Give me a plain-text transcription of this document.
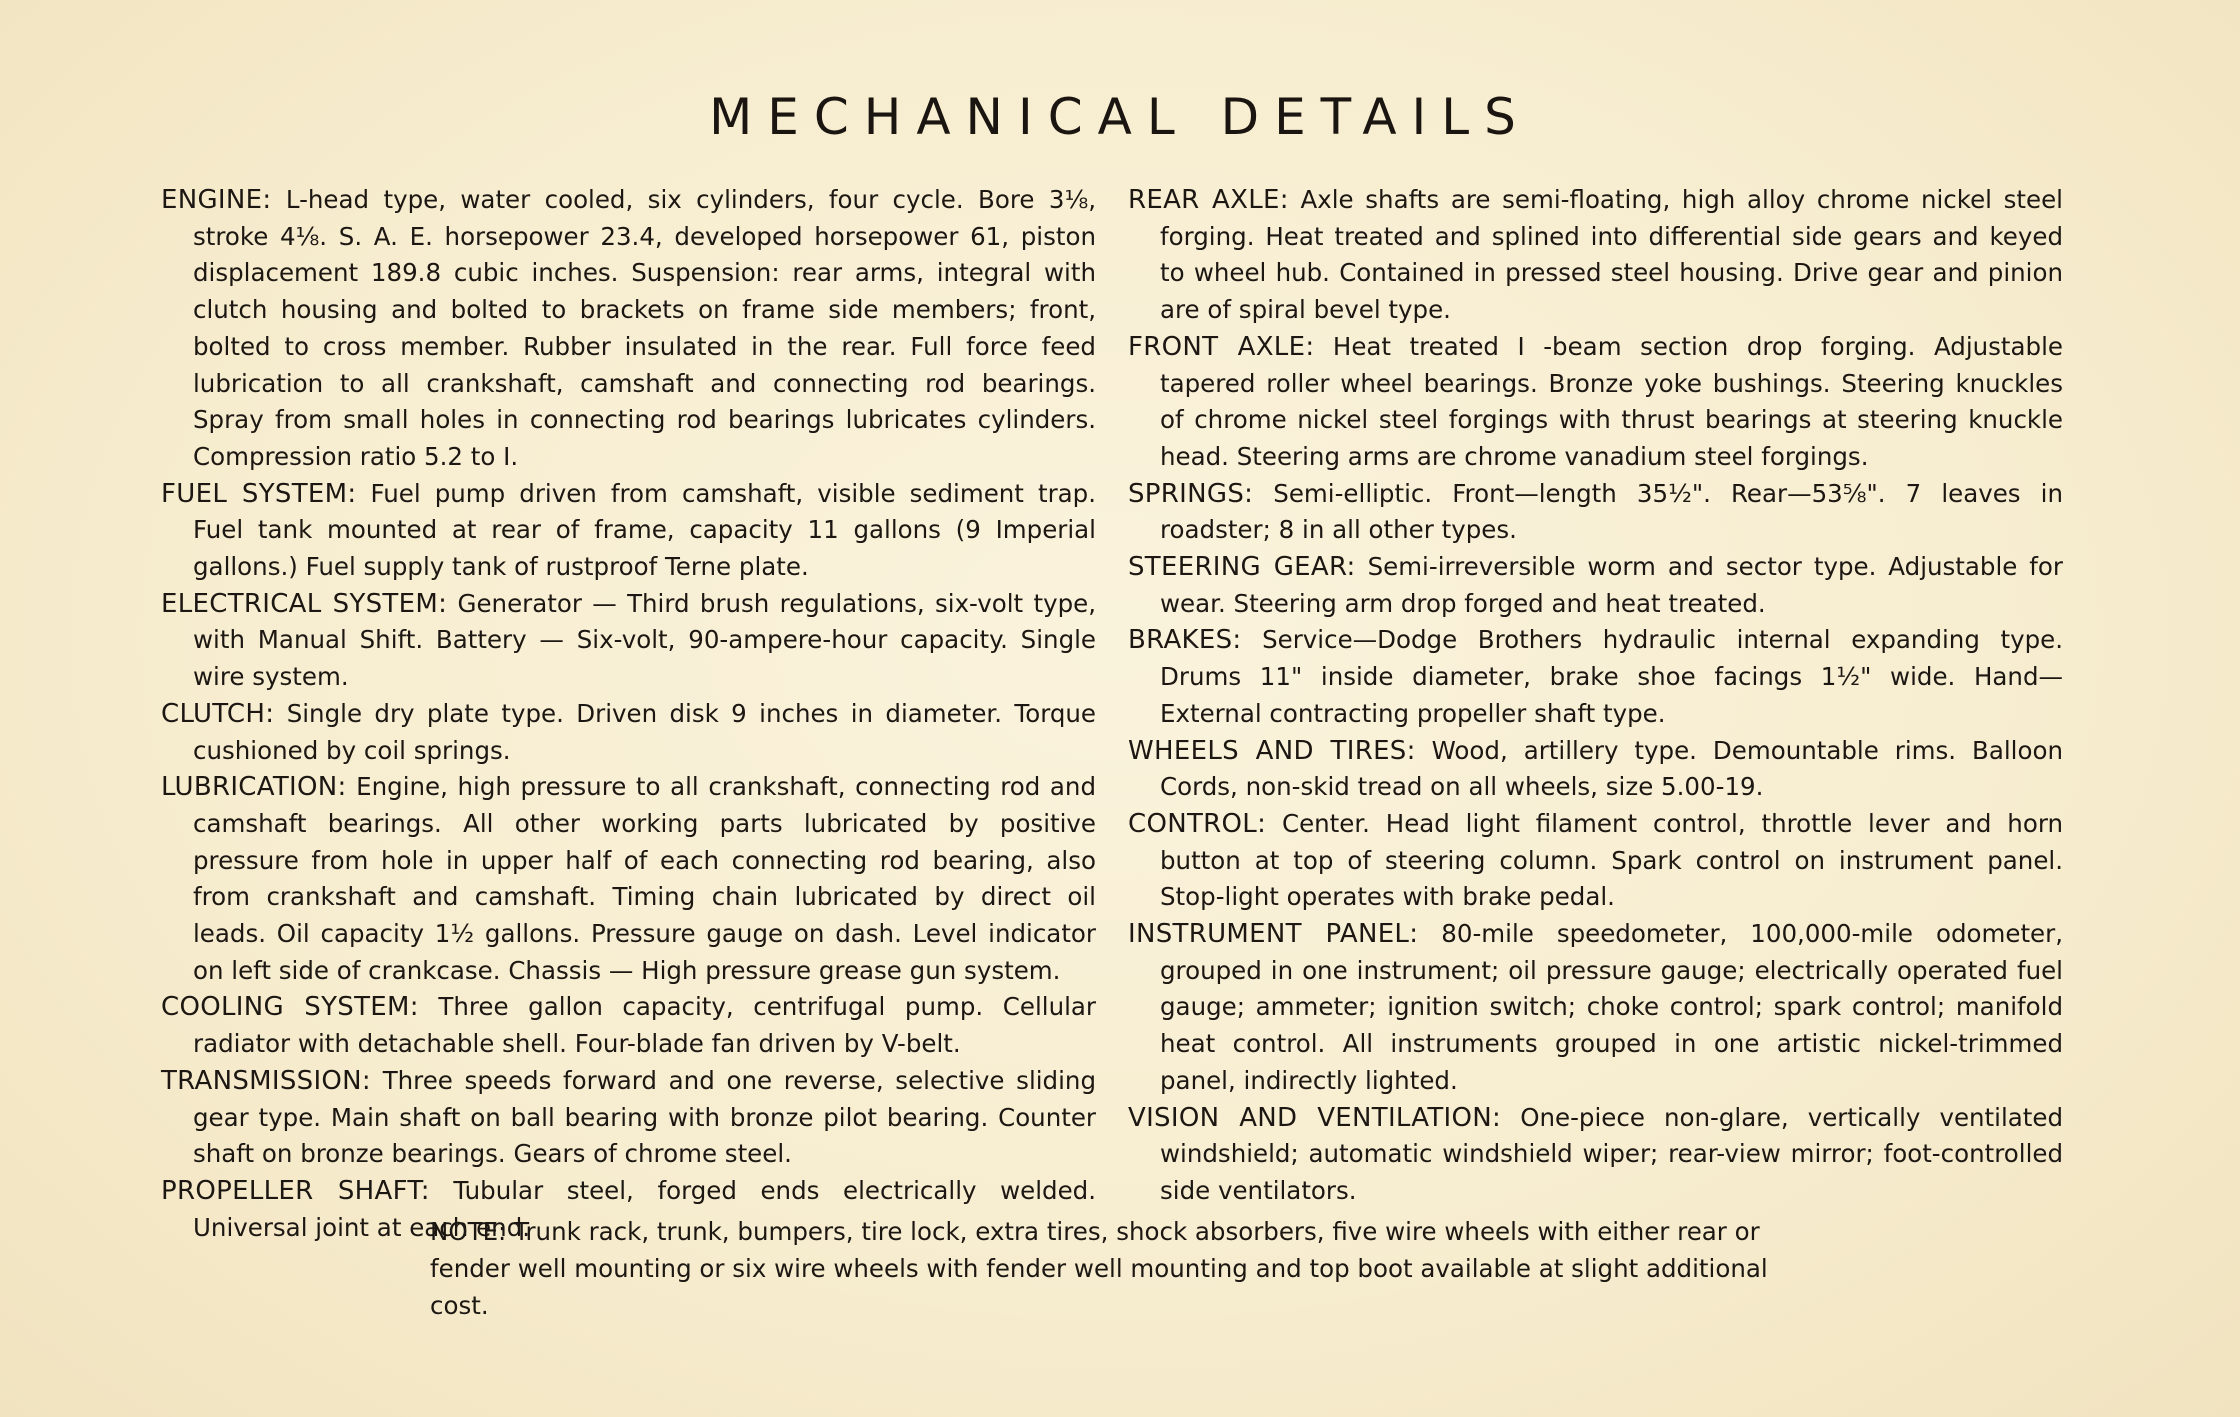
MECHANICAL DETAILS

ENGINE: L-head type, water cooled, six cylinders, four cycle. Bore 3⅛, stroke 4⅛. S. A. E. horsepower 23.4, developed horsepower 61, piston displacement 189.8 cubic inches. Suspension: rear arms, integral with clutch housing and bolted to brackets on frame side members; front, bolted to cross member. Rubber insulated in the rear. Full force feed lubrication to all crankshaft, camshaft and connecting rod bearings. Spray from small holes in connecting rod bearings lubricates cylinders. Compression ratio 5.2 to I.

FUEL SYSTEM: Fuel pump driven from camshaft, visible sediment trap. Fuel tank mounted at rear of frame, capacity 11 gallons (9 Imperial gallons.) Fuel supply tank of rustproof Terne plate.

ELECTRICAL SYSTEM: Generator — Third brush regulations, six-volt type, with Manual Shift. Battery — Six-volt, 90-ampere-hour capacity. Single wire system.

CLUTCH: Single dry plate type. Driven disk 9 inches in diameter. Torque cushioned by coil springs.

LUBRICATION: Engine, high pressure to all crankshaft, connecting rod and camshaft bearings. All other working parts lubricated by positive pressure from hole in upper half of each connecting rod bearing, also from crankshaft and camshaft. Timing chain lubricated by direct oil leads. Oil capacity 1½ gallons. Pressure gauge on dash. Level indicator on left side of crankcase. Chassis — High pressure grease gun system.

COOLING SYSTEM: Three gallon capacity, centrifugal pump. Cellular radiator with detachable shell. Four-blade fan driven by V-belt.

TRANSMISSION: Three speeds forward and one reverse, selective sliding gear type. Main shaft on ball bearing with bronze pilot bearing. Counter shaft on bronze bearings. Gears of chrome steel.

PROPELLER SHAFT: Tubular steel, forged ends electrically welded. Universal joint at each end.

REAR AXLE: Axle shafts are semi-floating, high alloy chrome nickel steel forging. Heat treated and splined into differential side gears and keyed to wheel hub. Contained in pressed steel housing. Drive gear and pinion are of spiral bevel type.

FRONT AXLE: Heat treated I -beam section drop forging. Adjustable tapered roller wheel bearings. Bronze yoke bushings. Steering knuckles of chrome nickel steel forgings with thrust bearings at steering knuckle head. Steering arms are chrome vanadium steel forgings.

SPRINGS: Semi-elliptic. Front—length 35½". Rear—53⅝". 7 leaves in roadster; 8 in all other types.

STEERING GEAR: Semi-irreversible worm and sector type. Adjustable for wear. Steering arm drop forged and heat treated.

BRAKES: Service—Dodge Brothers hydraulic internal expanding type. Drums 11" inside diameter, brake shoe facings 1½" wide. Hand—External contracting propeller shaft type.

WHEELS AND TIRES: Wood, artillery type. Demountable rims. Balloon Cords, non-skid tread on all wheels, size 5.00-19.

CONTROL: Center. Head light filament control, throttle lever and horn button at top of steering column. Spark control on instrument panel. Stop-light operates with brake pedal.

INSTRUMENT PANEL: 80-mile speedometer, 100,000-mile odometer, grouped in one instrument; oil pressure gauge; electrically operated fuel gauge; ammeter; ignition switch; choke control; spark control; manifold heat control. All instruments grouped in one artistic nickel-trimmed panel, indirectly lighted.

VISION AND VENTILATION: One-piece non-glare, vertically ventilated windshield; automatic windshield wiper; rear-view mirror; foot-controlled side ventilators.

NOTE: Trunk rack, trunk, bumpers, tire lock, extra tires, shock absorbers, five wire wheels with either rear or

fender well mounting or six wire wheels with fender well mounting and top boot available at slight additional cost.
